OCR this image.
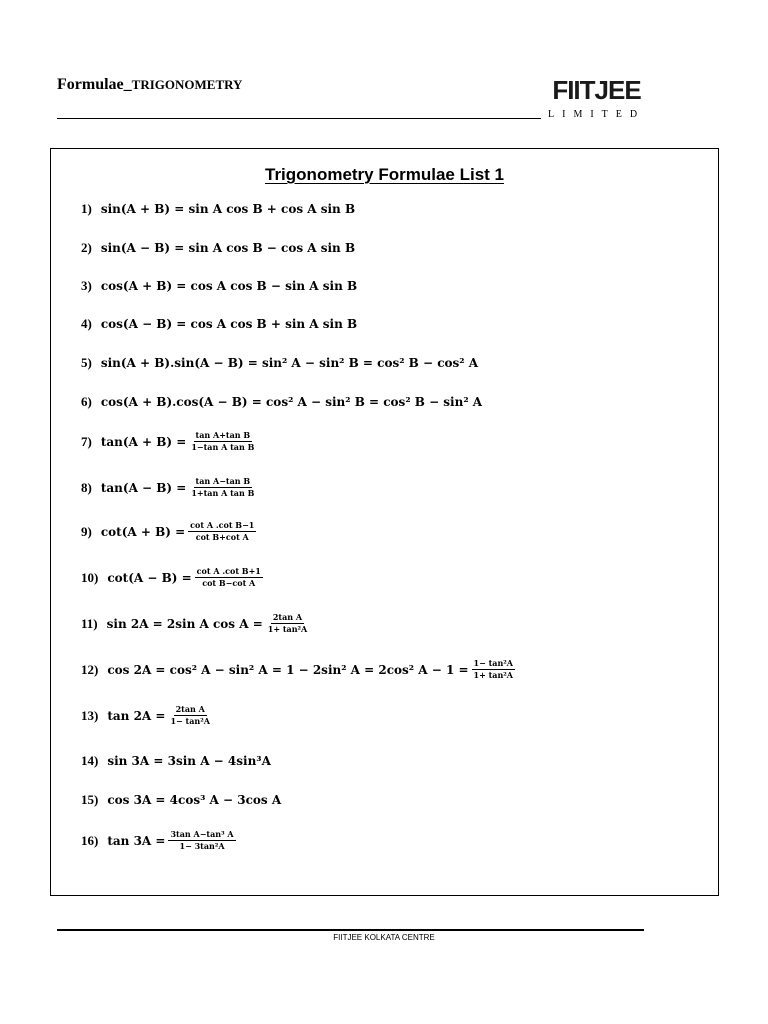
Formulae_TRIGONOMETRY	FIITJEE
LIMITED
Trigonometry Formulae List 1
1) sin(A + B) = sin A cos B + cos A sin B
2) sin(A − B) = sin A cos B − cos A sin B
3) cos(A + B) = cos A cos B − sin A sin B
4) cos(A − B) = cos A cos B + sin A sin B
5) sin(A + B).sin(A − B) = sin² A − sin² B = cos² B − cos² A
6) cos(A + B).cos(A − B) = cos² A − sin² B = cos² B − sin² A
7) $\tan(A + B) = \frac{\text{tan A+tan B}}{\text{1−tan A tan B}}$
8) $\tan(A - B) = \frac{\text{tan A−tan B}}{\text{1+tan A tan B}}$
9) $\cot(A + B) = \frac{\text{cot A .cot B−1}}{\text{cot B+cot A}}$
10) $\cot(A - B) = \frac{\text{cot A .cot B+1}}{\text{cot B−cot A}}$
11) sin 2A = 2sin A $\cos A = \frac{\text{2tan A}}{\text{1+ tan²A}}$
12) cos 2A = cos² A − sin² A = 1 − 2sin² A = 2cos² $A - 1 = \frac{\text{1− tan²A}}{\text{1+ tan²A}}$
13) $\tan 2A = \frac{\text{2tan A}}{\text{1− tan²A}}$
14) sin 3A = 3sin A − 4sin³A
15) cos 3A = 4cos³ A − 3cos A
16) $\tan 3A = \frac{\text{3tan A−tan³ A}}{\text{1− 3tan²A}}$
FIITJEE KOLKATA CENTRE
